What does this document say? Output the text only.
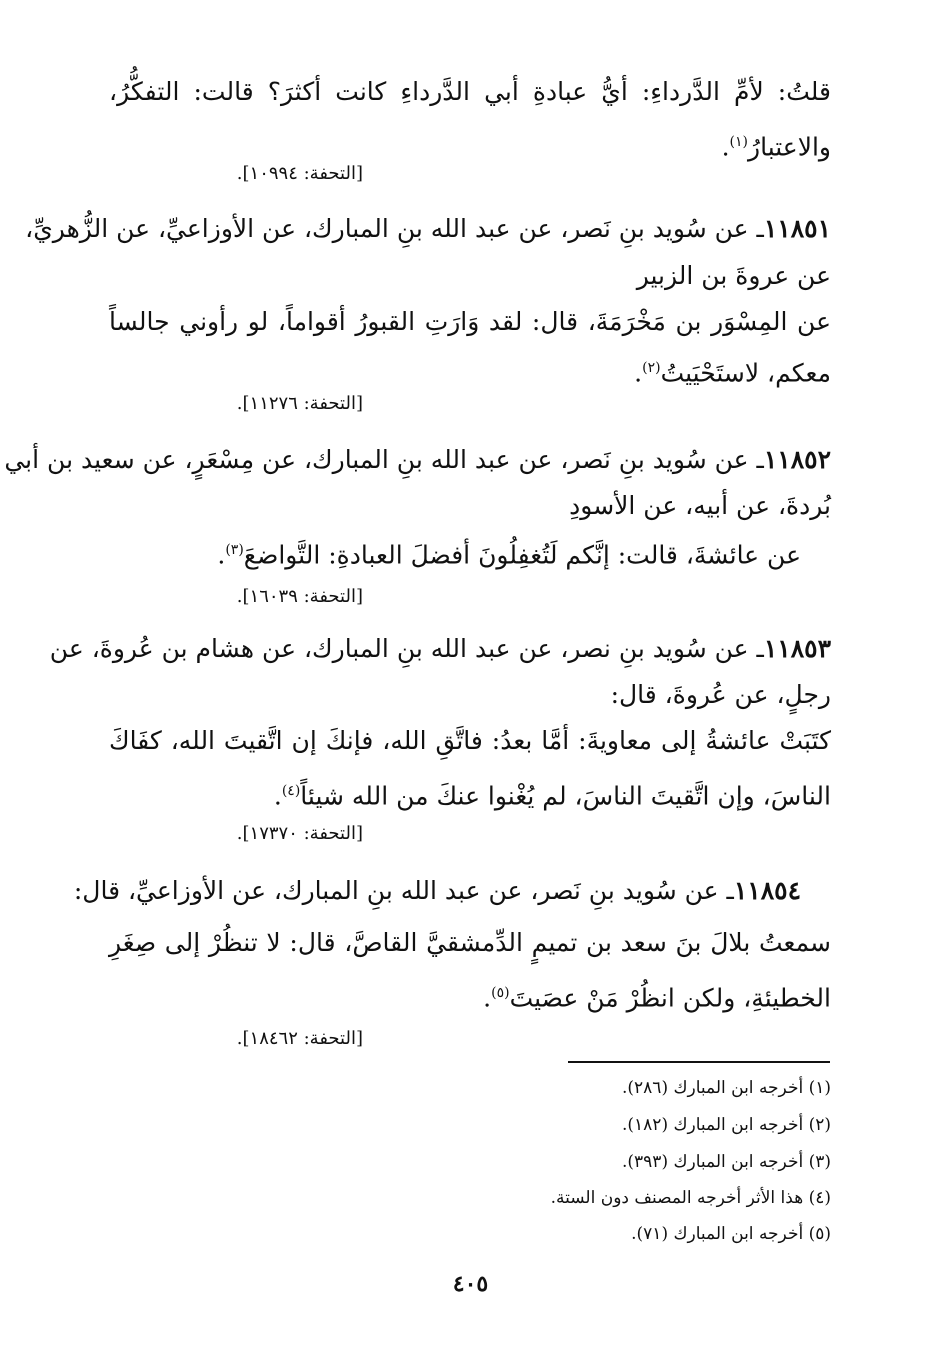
قلتُ: لأمِّ الدَّرداءِ: أيُّ عبادةِ أبي الدَّرداءِ كانت أكثرَ؟ قالت: التفكُّرُ،
والاعتبارُ$^{(١)}$.
[التحفة: ١٠٩٩٤].
١١٨٥١ـ عن سُويد بنِ نَصر، عن عبد الله بنِ المبارك، عن الأوزاعيِّ، عن الزُّهريِّ،
عن عروةَ بن الزبير
عن المِسْوَر بن مَخْرَمَةَ، قال: لقد وَارَتِ القبورُ أقواماً، لو رأوني جالساً
معكم، لاستَحْيَيتُ$^{(٢)}$.
[التحفة: ١١٢٧٦].
١١٨٥٢ـ عن سُويد بنِ نَصر، عن عبد الله بنِ المبارك، عن مِسْعَرٍ، عن سعيد بن أبي
بُردةَ، عن أبيه، عن الأسودِ
عن عائشةَ، قالت: إنَّكم لَتُغفِلُونَ أفضلَ العبادةِ: التَّواضعَ$^{(٣)}$.
[التحفة: ١٦٠٣٩].
١١٨٥٣ـ عن سُويد بنِ نصر، عن عبد الله بنِ المبارك، عن هشام بن عُروةَ، عن
رجلٍ، عن عُروةَ، قال:
كتَبَتْ عائشةُ إلى معاويةَ: أمَّا بعدُ: فاتَّقِ الله، فإنكَ إن اتَّقيتَ الله، كفَاكَ
الناسَ، وإن اتَّقيتَ الناسَ، لم يُغْنوا عنكَ من الله شيئاً$^{(٤)}$.
[التحفة: ١٧٣٧٠].
١١٨٥٤ـ عن سُويد بنِ نَصر، عن عبد الله بنِ المبارك، عن الأوزاعيِّ، قال:
سمعتُ بلالَ بنَ سعد بن تميمٍ الدِّمشقيَّ القاصَّ، قال: لا تنظُرْ إلى صِغَرِ
الخطيئةِ، ولكن انظُرْ مَنْ عصَيتَ$^{(٥)}$.
[التحفة: ١٨٤٦٢].
(١) أخرجه ابن المبارك (٢٨٦).
(٢) أخرجه ابن المبارك (١٨٢).
(٣) أخرجه ابن المبارك (٣٩٣).
(٤) هذا الأثر أخرجه المصنف دون الستة.
(٥) أخرجه ابن المبارك (٧١).
٤٠٥
